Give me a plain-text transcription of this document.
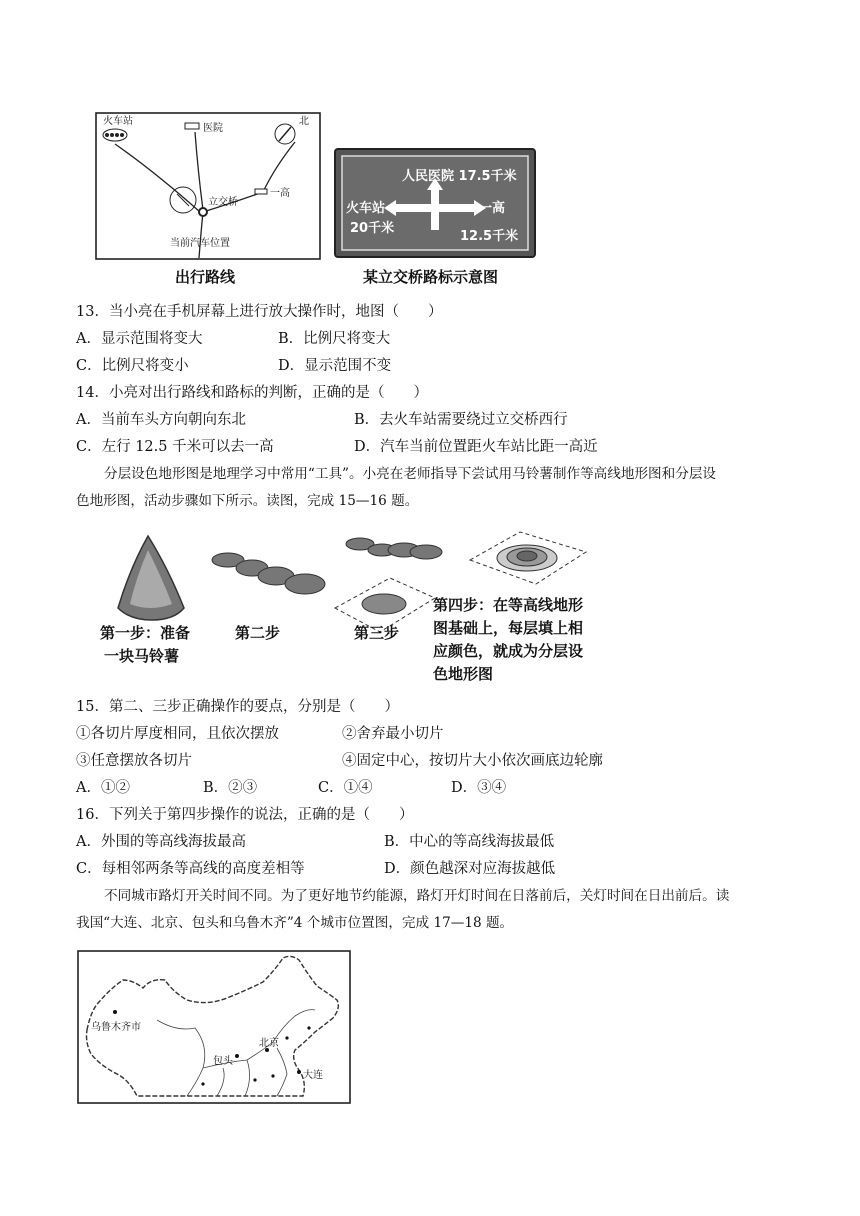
火车站
医院
北
立交桥
一高
当前汽车位置
出行路线
人民医院 17.5千米
火车站
20千米
一高
12.5千米
某立交桥路标示意图
13．当小亮在手机屏幕上进行放大操作时，地图（　　）
A．显示范围将变大	B．比例尺将变大
C．比例尺将变小	D．显示范围不变
14．小亮对出行路线和路标的判断，正确的是（　　）
A．当前车头方向朝向东北	B．去火车站需要绕过立交桥西行
C．左行 12.5 千米可以去一高	D．汽车当前位置距火车站比距一高近
分层设色地形图是地理学习中常用“工具”。小亮在老师指导下尝试用马铃薯制作等高线地形图和分层设
色地形图，活动步骤如下所示。读图，完成 15—16 题。
第一步：准备
一块马铃薯
第二步	第三步
第四步：在等高线地形
图基础上，每层填上相
应颜色，就成为分层设
色地形图
15．第二、三步正确操作的要点，分别是（　　）
①各切片厚度相同，且依次摆放	②舍弃最小切片
③任意摆放各切片	④固定中心，按切片大小依次画底边轮廓
A．①②	B．②③	C．①④	D．③④
16．下列关于第四步操作的说法，正确的是（　　）
A．外围的等高线海拔最高	B．中心的等高线海拔最低
C．每相邻两条等高线的高度差相等	D．颜色越深对应海拔越低
不同城市路灯开关时间不同。为了更好地节约能源，路灯开灯时间在日落前后，关灯时间在日出前后。读
我国“大连、北京、包头和乌鲁木齐”4 个城市位置图，完成 17—18 题。
乌鲁木齐市
包头
北京
大连
